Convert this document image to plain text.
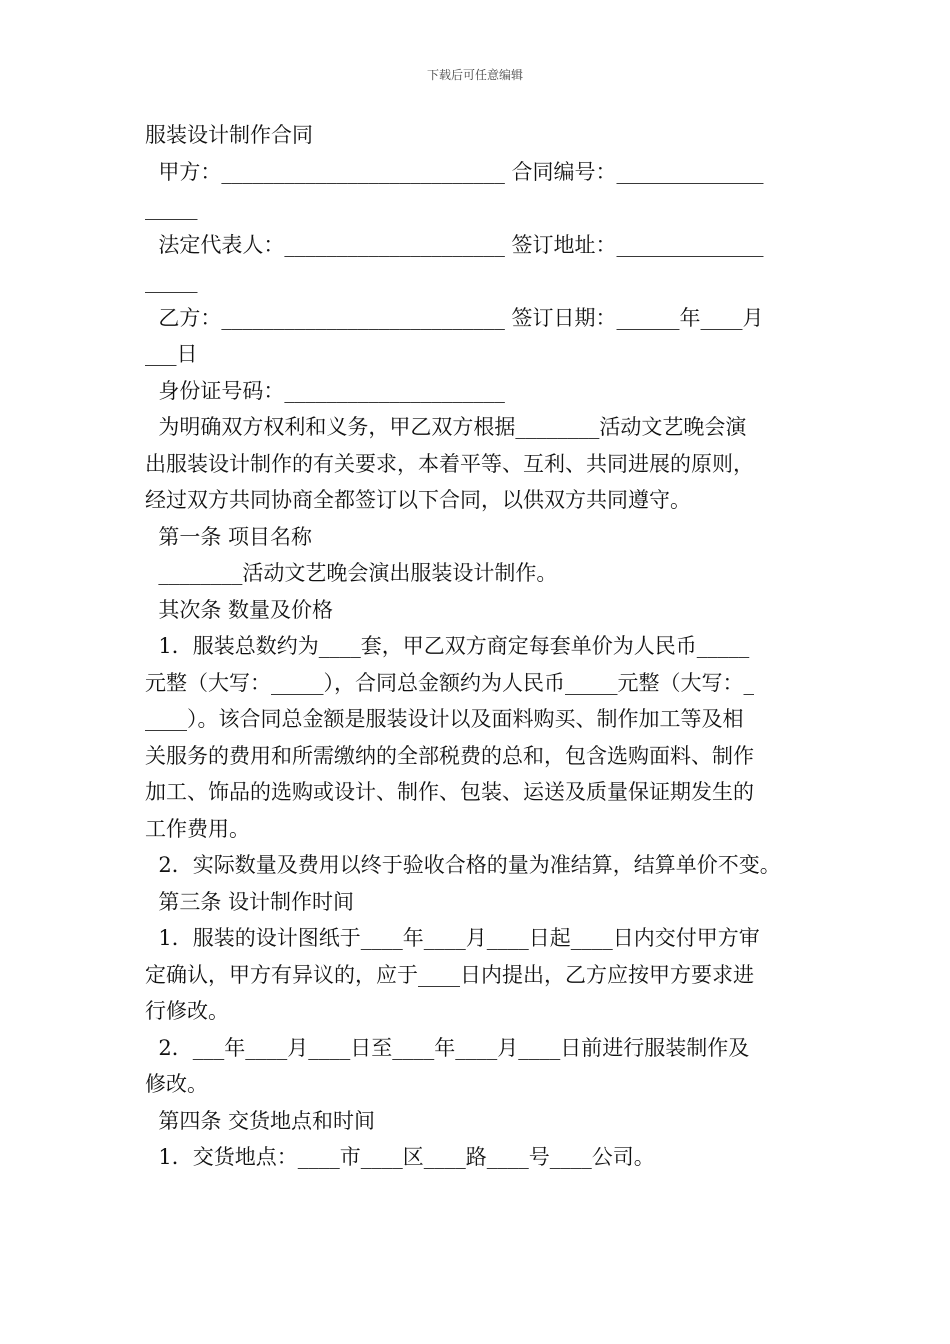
下载后可任意编辑
服装设计制作合同
甲方：___________________________ 合同编号：______________
_____
法定代表人：_____________________ 签订地址：______________
_____
乙方：___________________________ 签订日期：______年____月
___日
身份证号码：_____________________
为明确双方权利和义务，甲乙双方根据________活动文艺晚会演
出服装设计制作的有关要求，本着平等、互利、共同进展的原则，
经过双方共同协商全都签订以下合同，以供双方共同遵守。
第一条 项目名称
________活动文艺晚会演出服装设计制作。
其次条 数量及价格
1．服装总数约为____套，甲乙双方商定每套单价为人民币_____
元整（大写：_____），合同总金额约为人民币_____元整（大写：_
____）。该合同总金额是服装设计以及面料购买、制作加工等及相
关服务的费用和所需缴纳的全部税费的总和，包含选购面料、制作
加工、饰品的选购或设计、制作、包装、运送及质量保证期发生的
工作费用。
2．实际数量及费用以终于验收合格的量为准结算，结算单价不变。
第三条 设计制作时间
1．服装的设计图纸于____年____月____日起____日内交付甲方审
定确认，甲方有异议的，应于____日内提出，乙方应按甲方要求进
行修改。
2．___年____月____日至____年____月____日前进行服装制作及
修改。
第四条 交货地点和时间
1．交货地点：____市____区____路____号____公司。
